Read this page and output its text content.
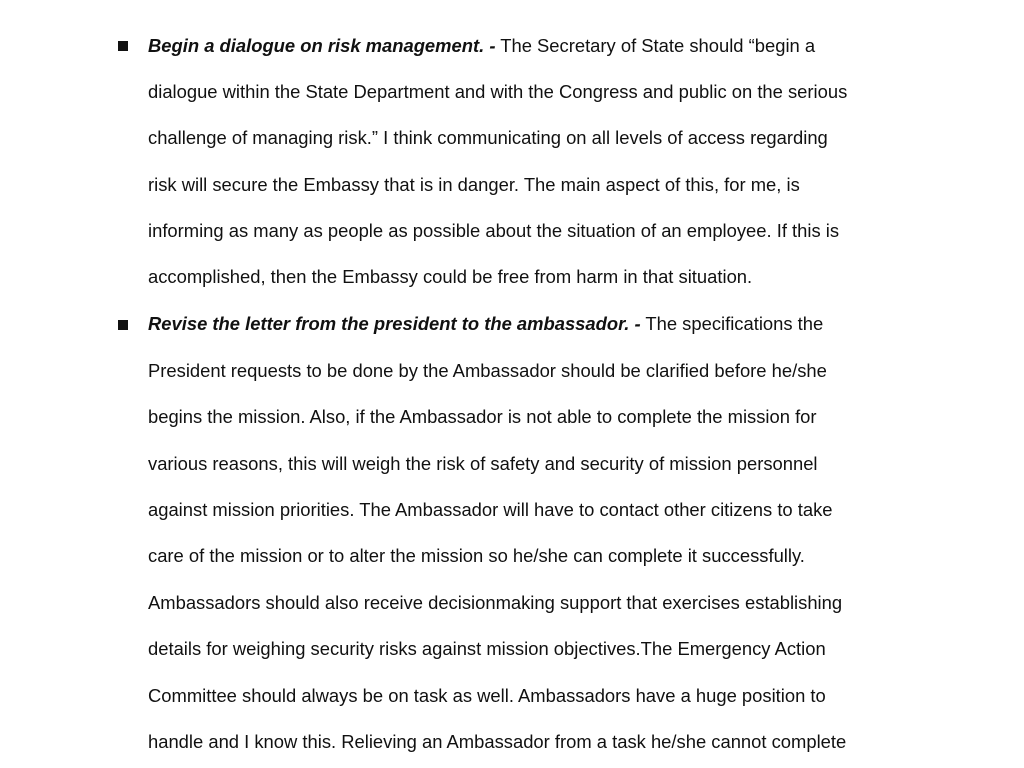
Begin a dialogue on risk management. - The Secretary of State should “begin a
dialogue within the State Department and with the Congress and public on the serious
challenge of managing risk.” I think communicating on all levels of access regarding
risk will secure the Embassy that is in danger. The main aspect of this, for me, is
informing as many as people as possible about the situation of an employee. If this is
accomplished, then the Embassy could be free from harm in that situation.
Revise the letter from the president to the ambassador. - The specifications the
President requests to be done by the Ambassador should be clarified before he/she
begins the mission. Also, if the Ambassador is not able to complete the mission for
various reasons, this will weigh the risk of safety and security of mission personnel
against mission priorities. The Ambassador will have to contact other citizens to take
care of the mission or to alter the mission so he/she can complete it successfully.
Ambassadors should also receive decisionmaking support that exercises establishing
details for weighing security risks against mission objectives.The Emergency Action
Committee should always be on task as well. Ambassadors have a huge position to
handle and I know this. Relieving an Ambassador from a task he/she cannot complete
